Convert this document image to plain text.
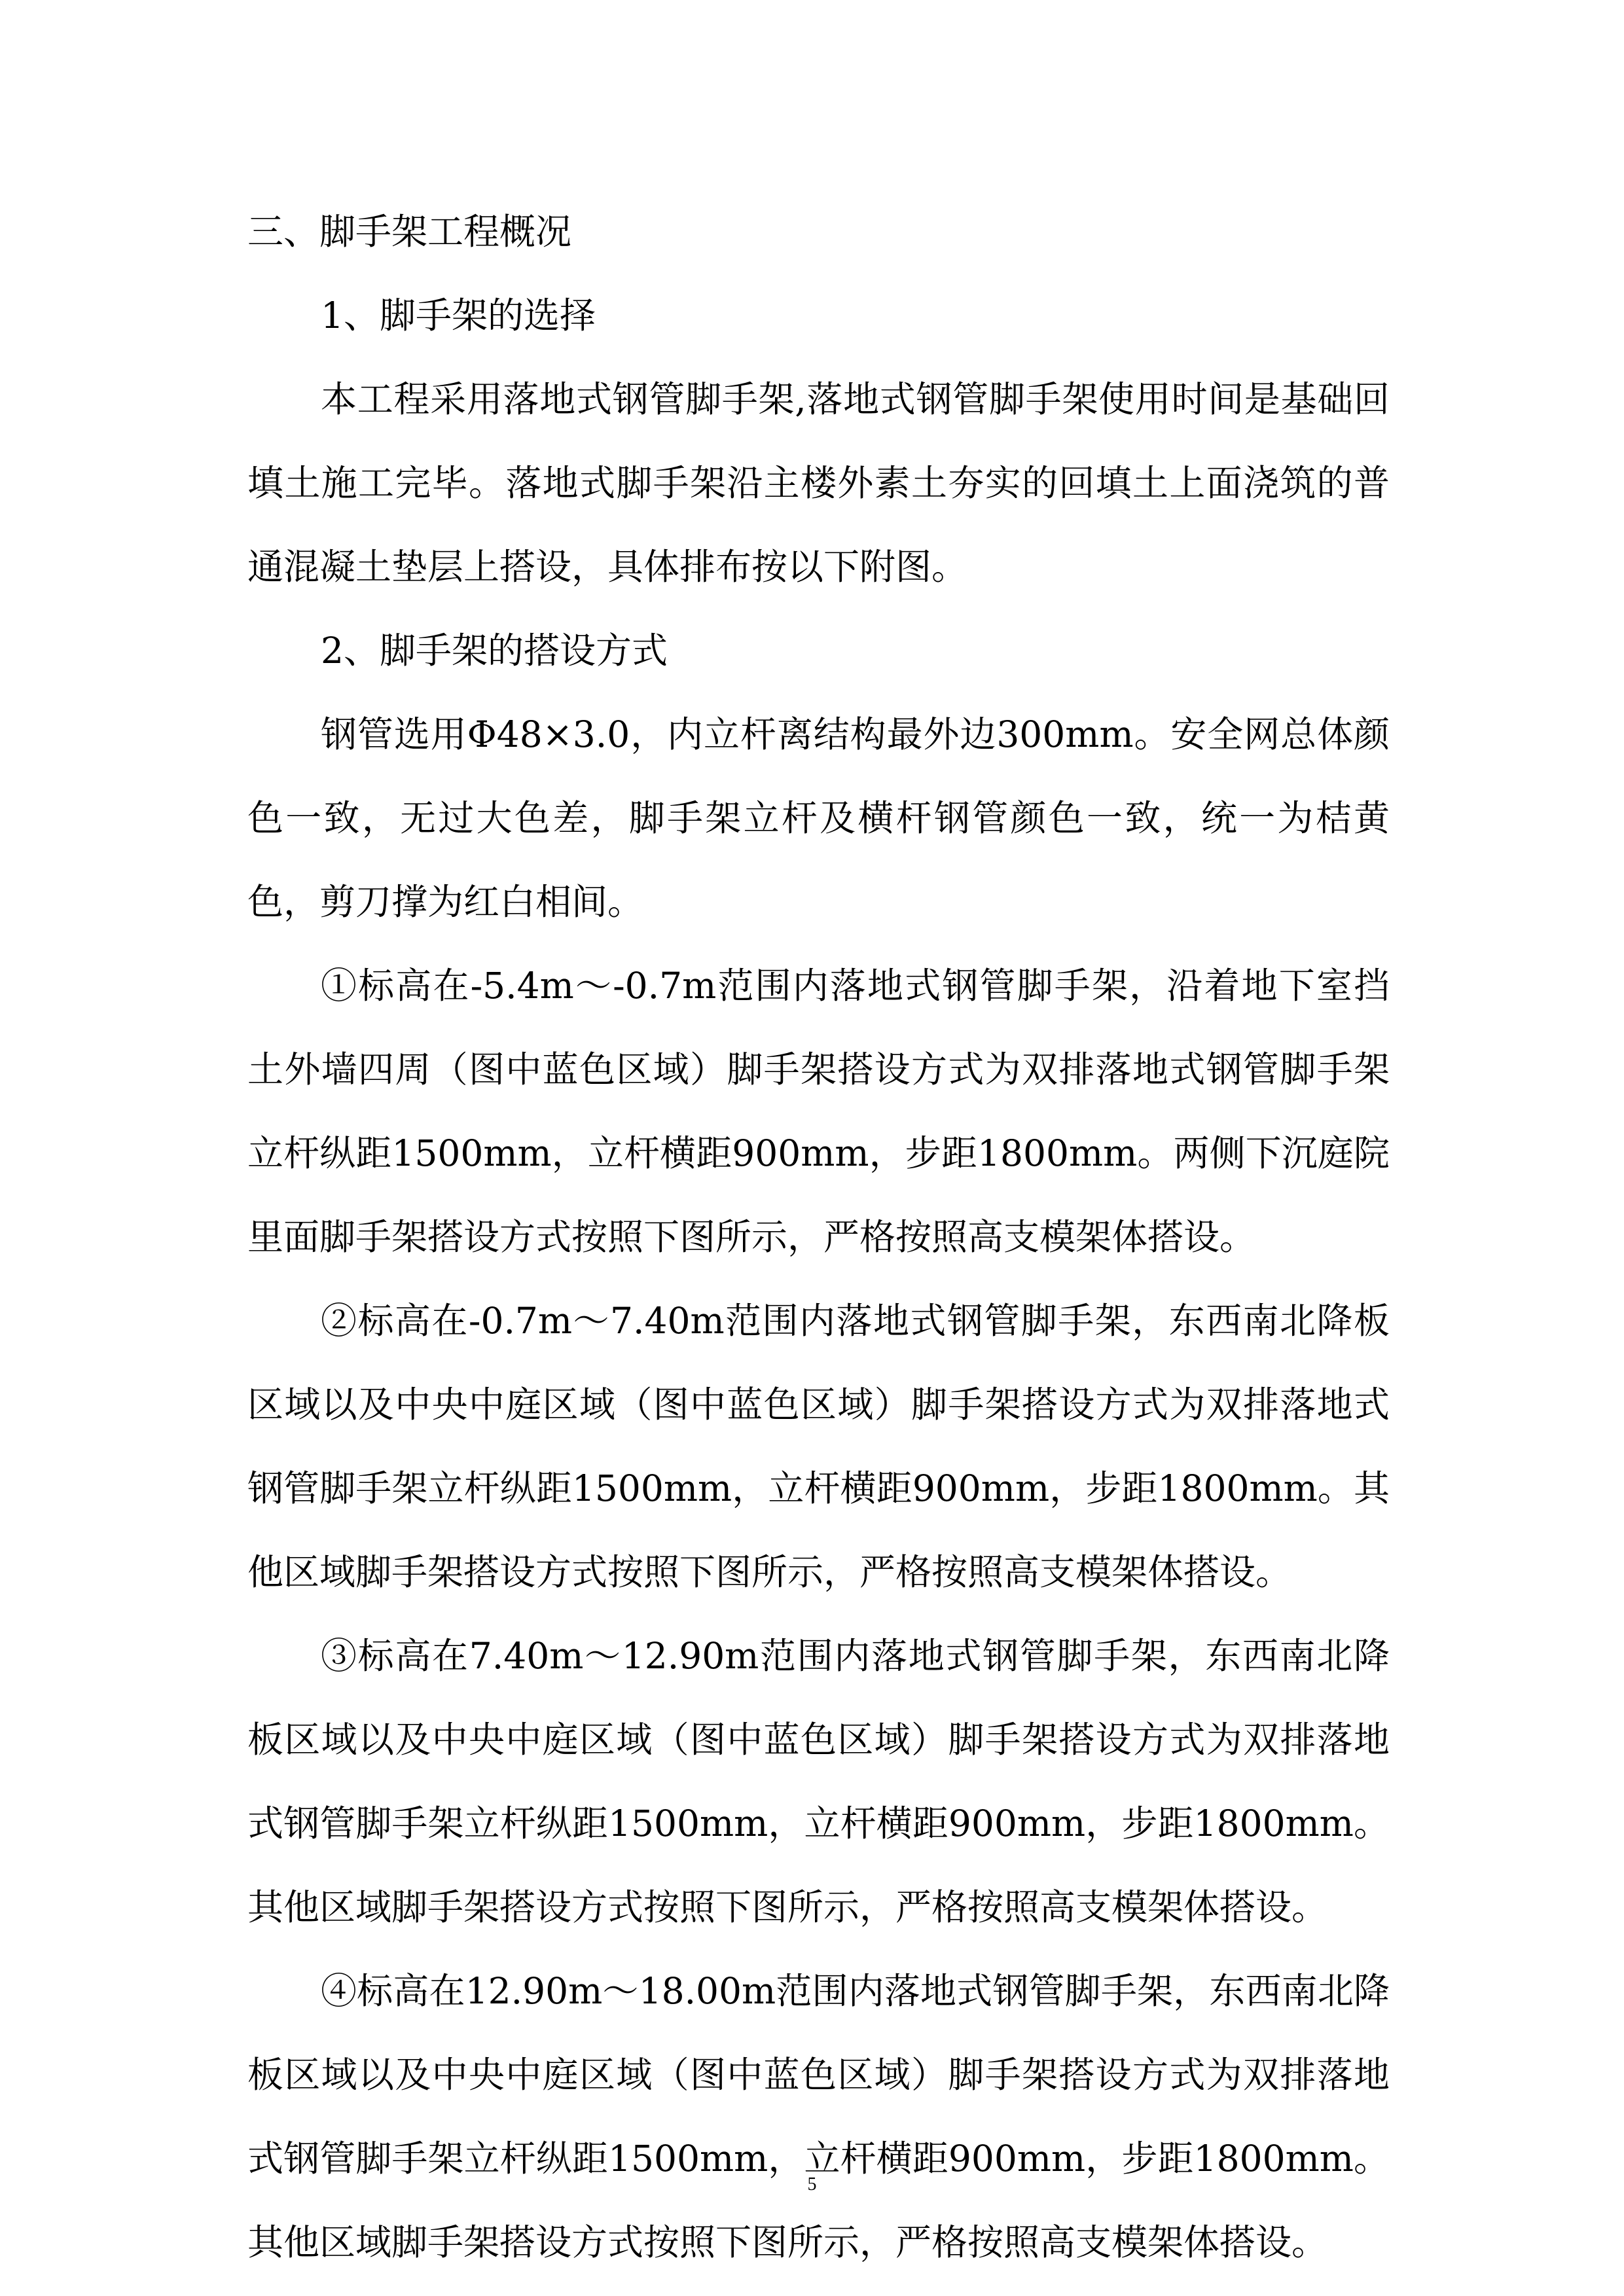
三、脚手架工程概况

1、脚手架的选择

本工程采用落地式钢管脚手架,落地式钢管脚手架使用时间是基础回填土施工完毕。落地式脚手架沿主楼外素土夯实的回填土上面浇筑的普通混凝土垫层上搭设，具体排布按以下附图。

2、脚手架的搭设方式

钢管选用Φ48×3.0，内立杆离结构最外边300mm。安全网总体颜色一致，无过大色差，脚手架立杆及横杆钢管颜色一致，统一为桔黄色，剪刀撑为红白相间。

①标高在-5.4m～-0.7m范围内落地式钢管脚手架，沿着地下室挡土外墙四周（图中蓝色区域）脚手架搭设方式为双排落地式钢管脚手架立杆纵距1500mm，立杆横距900mm，步距1800mm。两侧下沉庭院里面脚手架搭设方式按照下图所示，严格按照高支模架体搭设。

②标高在-0.7m～7.40m范围内落地式钢管脚手架，东西南北降板区域以及中央中庭区域（图中蓝色区域）脚手架搭设方式为双排落地式钢管脚手架立杆纵距1500mm，立杆横距900mm，步距1800mm。其他区域脚手架搭设方式按照下图所示，严格按照高支模架体搭设。

③标高在7.40m～12.90m范围内落地式钢管脚手架，东西南北降板区域以及中央中庭区域（图中蓝色区域）脚手架搭设方式为双排落地式钢管脚手架立杆纵距1500mm，立杆横距900mm，步距1800mm。其他区域脚手架搭设方式按照下图所示，严格按照高支模架体搭设。

④标高在12.90m～18.00m范围内落地式钢管脚手架，东西南北降板区域以及中央中庭区域（图中蓝色区域）脚手架搭设方式为双排落地式钢管脚手架立杆纵距1500mm，立杆横距900mm，步距1800mm。其他区域脚手架搭设方式按照下图所示，严格按照高支模架体搭设。

5
